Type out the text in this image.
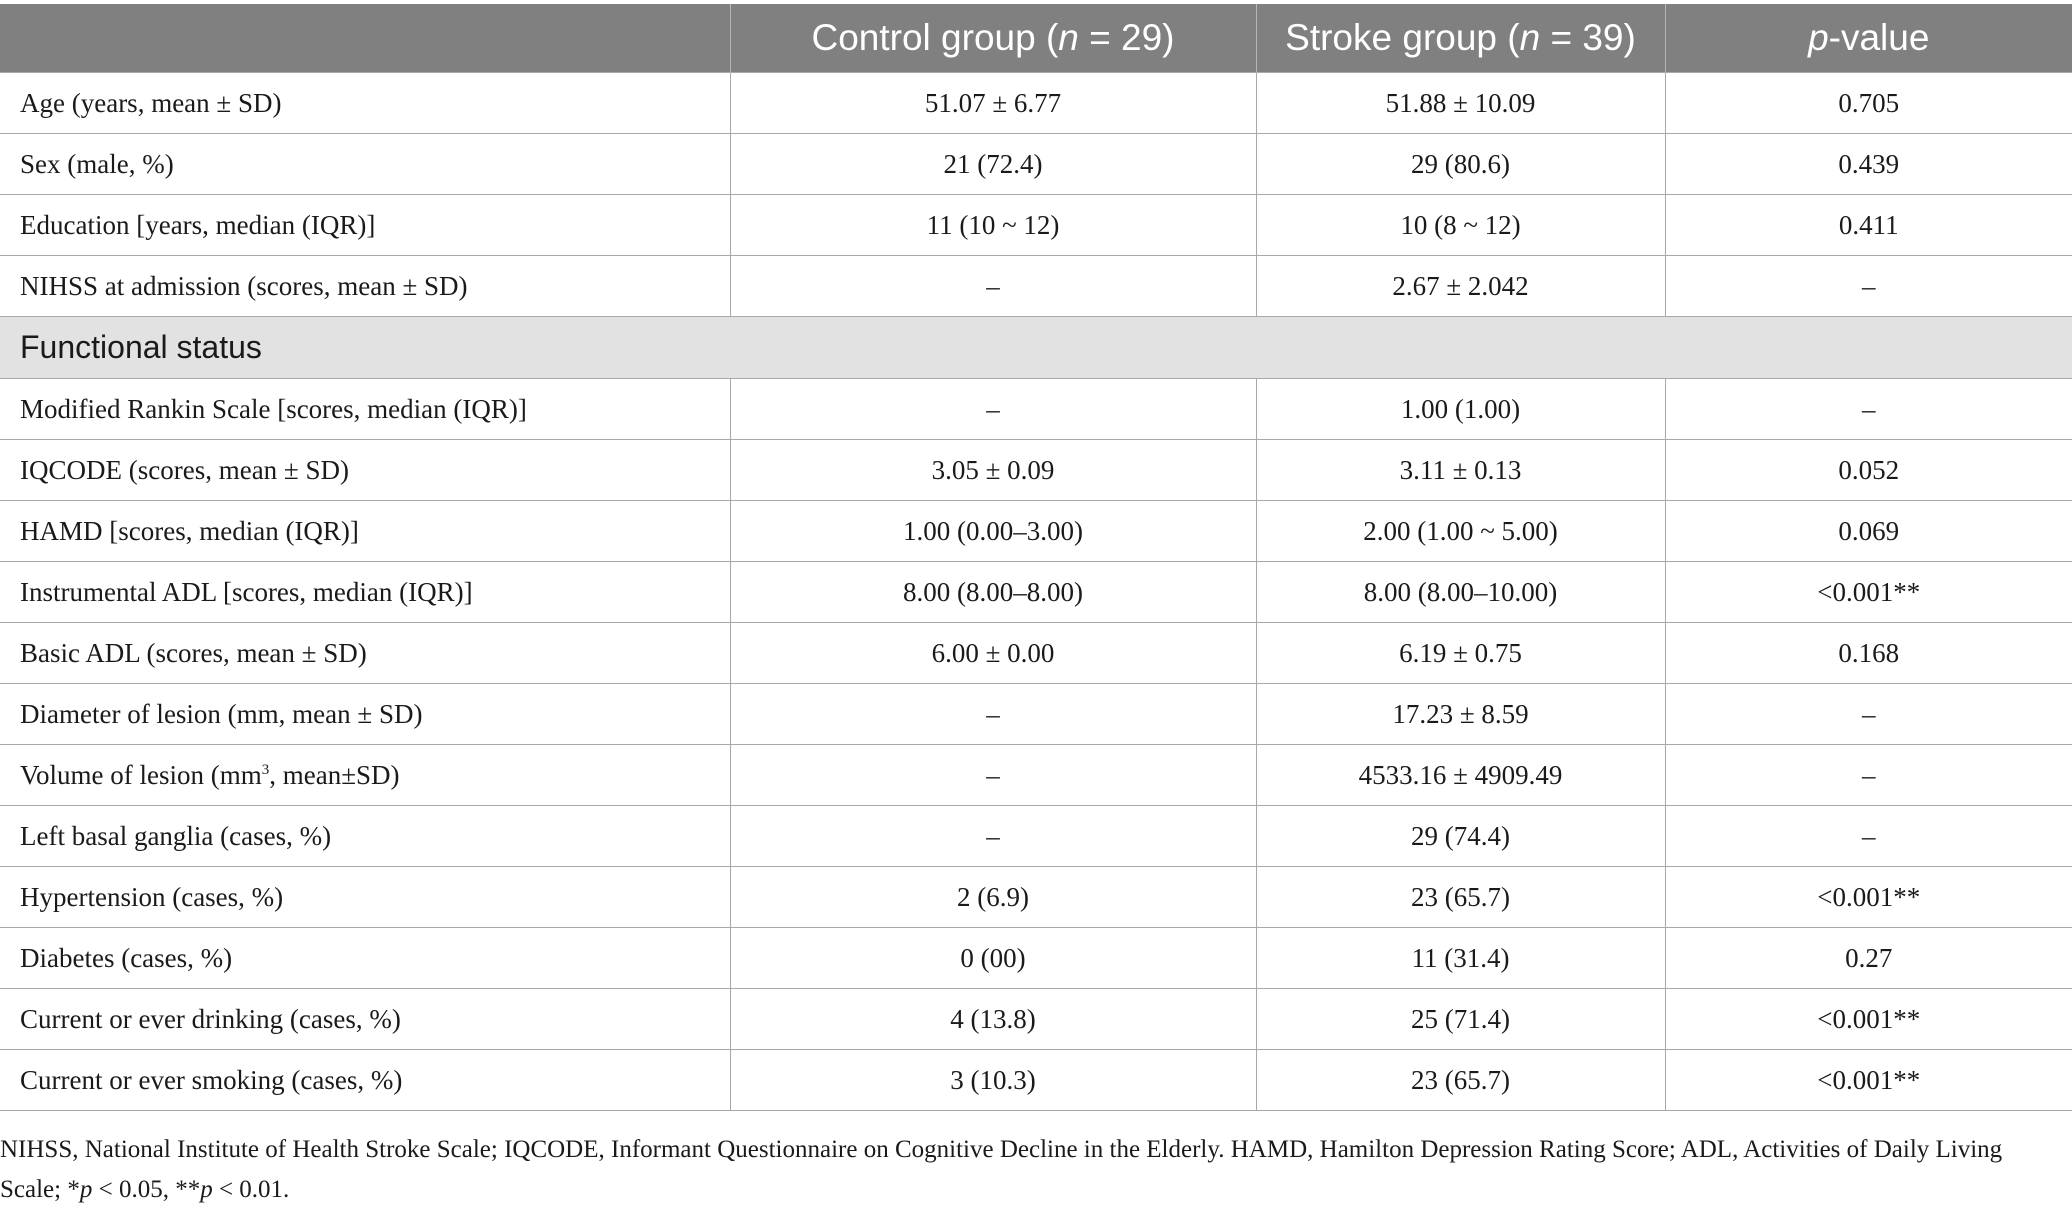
	Control group (n = 29)	Stroke group (n = 39)	p-value
Age (years, mean ± SD)	51.07 ± 6.77	51.88 ± 10.09	0.705
Sex (male, %)	21 (72.4)	29 (80.6)	0.439
Education [years, median (IQR)]	11 (10 ~ 12)	10 (8 ~ 12)	0.411
NIHSS at admission (scores, mean ± SD)	–	2.67 ± 2.042	–
Functional status			
Modified Rankin Scale [scores, median (IQR)]	–	1.00 (1.00)	–
IQCODE (scores, mean ± SD)	3.05 ± 0.09	3.11 ± 0.13	0.052
HAMD [scores, median (IQR)]	1.00 (0.00–3.00)	2.00 (1.00 ~ 5.00)	0.069
Instrumental ADL [scores, median (IQR)]	8.00 (8.00–8.00)	8.00 (8.00–10.00)	<0.001**
Basic ADL (scores, mean ± SD)	6.00 ± 0.00	6.19 ± 0.75	0.168
Diameter of lesion (mm, mean ± SD)	–	17.23 ± 8.59	–
Volume of lesion ($mm^3$, mean±SD)	–	4533.16 ± 4909.49	–
Left basal ganglia (cases, %)	–	29 (74.4)	–
Hypertension (cases, %)	2 (6.9)	23 (65.7)	<0.001**
Diabetes (cases, %)	0 (00)	11 (31.4)	0.27
Current or ever drinking (cases, %)	4 (13.8)	25 (71.4)	<0.001**
Current or ever smoking (cases, %)	3 (10.3)	23 (65.7)	<0.001**
NIHSS, National Institute of Health Stroke Scale; IQCODE, Informant Questionnaire on Cognitive Decline in the Elderly. HAMD, Hamilton Depression Rating Score; ADL, Activities of Daily Living Scale; *p < 0.05, **p < 0.01.
